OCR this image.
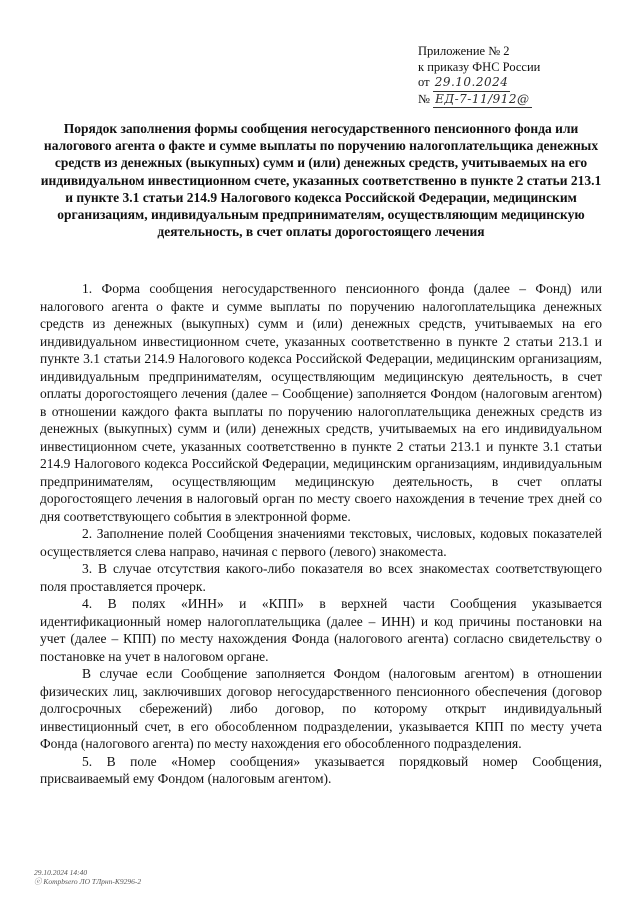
Приложение № 2
к приказу ФНС России
от 29.10.2024
№ ЕД-7-11/912@
Порядок заполнения формы сообщения негосударственного пенсионного фонда или налогового агента о факте и сумме выплаты по поручению налогоплательщика денежных средств из денежных (выкупных) сумм и (или) денежных средств, учитываемых на его индивидуальном инвестиционном счете, указанных соответственно в пункте 2 статьи 213.1 и пункте 3.1 статьи 214.9 Налогового кодекса Российской Федерации, медицинским организациям, индивидуальным предпринимателям, осуществляющим медицинскую деятельность, в счет оплаты дорогостоящего лечения

1. Форма сообщения негосударственного пенсионного фонда (далее – Фонд) или налогового агента о факте и сумме выплаты по поручению налогоплательщика денежных средств из денежных (выкупных) сумм и (или) денежных средств, учитываемых на его индивидуальном инвестиционном счете, указанных соответственно в пункте 2 статьи 213.1 и пункте 3.1 статьи 214.9 Налогового кодекса Российской Федерации, медицинским организациям, индивидуальным предпринимателям, осуществляющим медицинскую деятельность, в счет оплаты дорогостоящего лечения (далее – Сообщение) заполняется Фондом (налоговым агентом) в отношении каждого факта выплаты по поручению налогоплательщика денежных средств из денежных (выкупных) сумм и (или) денежных средств, учитываемых на его индивидуальном инвестиционном счете, указанных соответственно в пункте 2 статьи 213.1 и пункте 3.1 статьи 214.9 Налогового кодекса Российской Федерации, медицинским организациям, индивидуальным предпринимателям, осуществляющим медицинскую деятельность, в счет оплаты дорогостоящего лечения в налоговый орган по месту своего нахождения в течение трех дней со дня соответствующего события в электронной форме.

2. Заполнение полей Сообщения значениями текстовых, числовых, кодовых показателей осуществляется слева направо, начиная с первого (левого) знакоместа.

3. В случае отсутствия какого-либо показателя во всех знакоместах соответствующего поля проставляется прочерк.

4. В полях «ИНН» и «КПП» в верхней части Сообщения указывается идентификационный номер налогоплательщика (далее – ИНН) и код причины постановки на учет (далее – КПП) по месту нахождения Фонда (налогового агента) согласно свидетельству о постановке на учет в налоговом органе.

В случае если Сообщение заполняется Фондом (налоговым агентом) в отношении физических лиц, заключивших договор негосударственного пенсионного обеспечения (договор долгосрочных сбережений) либо договор, по которому открыт индивидуальный инвестиционный счет, в его обособленном подразделении, указывается КПП по месту учета Фонда (налогового агента) по месту нахождения его обособленного подразделения.

5. В поле «Номер сообщения» указывается порядковый номер Сообщения, присваиваемый ему Фондом (налоговым агентом).

29.10.2024 14:40
ⓔ Komрbsero ЛО ТЛрнп-К9296-2
